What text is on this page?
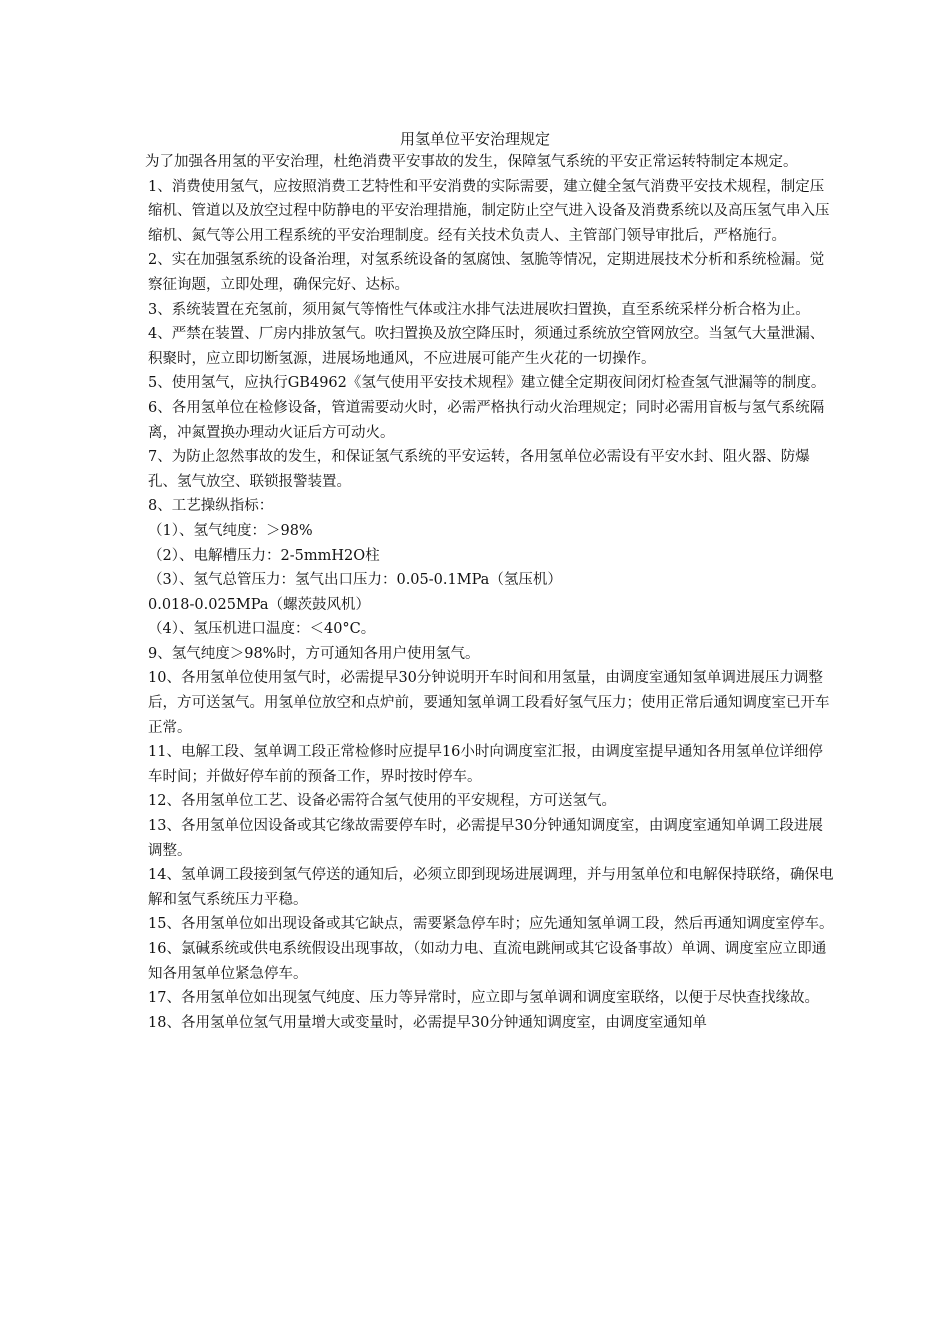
用氢单位平安治理规定

为了加强各用氢的平安治理，杜绝消费平安事故的发生，保障氢气系统的平安正常运转特制定本规定。

1、消费使用氢气，应按照消费工艺特性和平安消费的实际需要，建立健全氢气消费平安技术规程，制定压缩机、管道以及放空过程中防静电的平安治理措施，制定防止空气进入设备及消费系统以及高压氢气串入压缩机、氮气等公用工程系统的平安治理制度。经有关技术负责人、主管部门领导审批后，严格施行。

2、实在加强氢系统的设备治理，对氢系统设备的氢腐蚀、氢脆等情况，定期进展技术分析和系统检漏。觉察征询题，立即处理，确保完好、达标。

3、系统装置在充氢前，须用氮气等惰性气体或注水排气法进展吹扫置换，直至系统采样分析合格为止。

4、严禁在装置、厂房内排放氢气。吹扫置换及放空降压时，须通过系统放空管网放空。当氢气大量泄漏、积聚时，应立即切断氢源，进展场地通风，不应进展可能产生火花的一切操作。

5、使用氢气，应执行GB4962《氢气使用平安技术规程》建立健全定期夜间闭灯检查氢气泄漏等的制度。

6、各用氢单位在检修设备，管道需要动火时，必需严格执行动火治理规定；同时必需用盲板与氢气系统隔离，冲氮置换办理动火证后方可动火。

7、为防止忽然事故的发生，和保证氢气系统的平安运转，各用氢单位必需设有平安水封、阻火器、防爆孔、氢气放空、联锁报警装置。

8、工艺操纵指标：

（1）、氢气纯度：＞98%

（2）、电解槽压力：2-5mmH2O柱

（3）、氢气总管压力：氢气出口压力：0.05-0.1MPa（氢压机）

0.018-0.025MPa（螺茨鼓风机）

（4）、氢压机进口温度：＜40°C。

9、氢气纯度＞98%时，方可通知各用户使用氢气。

10、各用氢单位使用氢气时，必需提早30分钟说明开车时间和用氢量，由调度室通知氢单调进展压力调整后，方可送氢气。用氢单位放空和点炉前，要通知氢单调工段看好氢气压力；使用正常后通知调度室已开车正常。

11、电解工段、氢单调工段正常检修时应提早16小时向调度室汇报，由调度室提早通知各用氢单位详细停车时间；并做好停车前的预备工作，界时按时停车。

12、各用氢单位工艺、设备必需符合氢气使用的平安规程，方可送氢气。

13、各用氢单位因设备或其它缘故需要停车时，必需提早30分钟通知调度室，由调度室通知单调工段进展调整。

14、氢单调工段接到氢气停送的通知后，必须立即到现场进展调理，并与用氢单位和电解保持联络，确保电解和氢气系统压力平稳。

15、各用氢单位如出现设备或其它缺点，需要紧急停车时；应先通知氢单调工段，然后再通知调度室停车。

16、氯碱系统或供电系统假设出现事故，（如动力电、直流电跳闸或其它设备事故）单调、调度室应立即通知各用氢单位紧急停车。

17、各用氢单位如出现氢气纯度、压力等异常时，应立即与氢单调和调度室联络，以便于尽快查找缘故。

18、各用氢单位氢气用量增大或变量时，必需提早30分钟通知调度室，由调度室通知单
